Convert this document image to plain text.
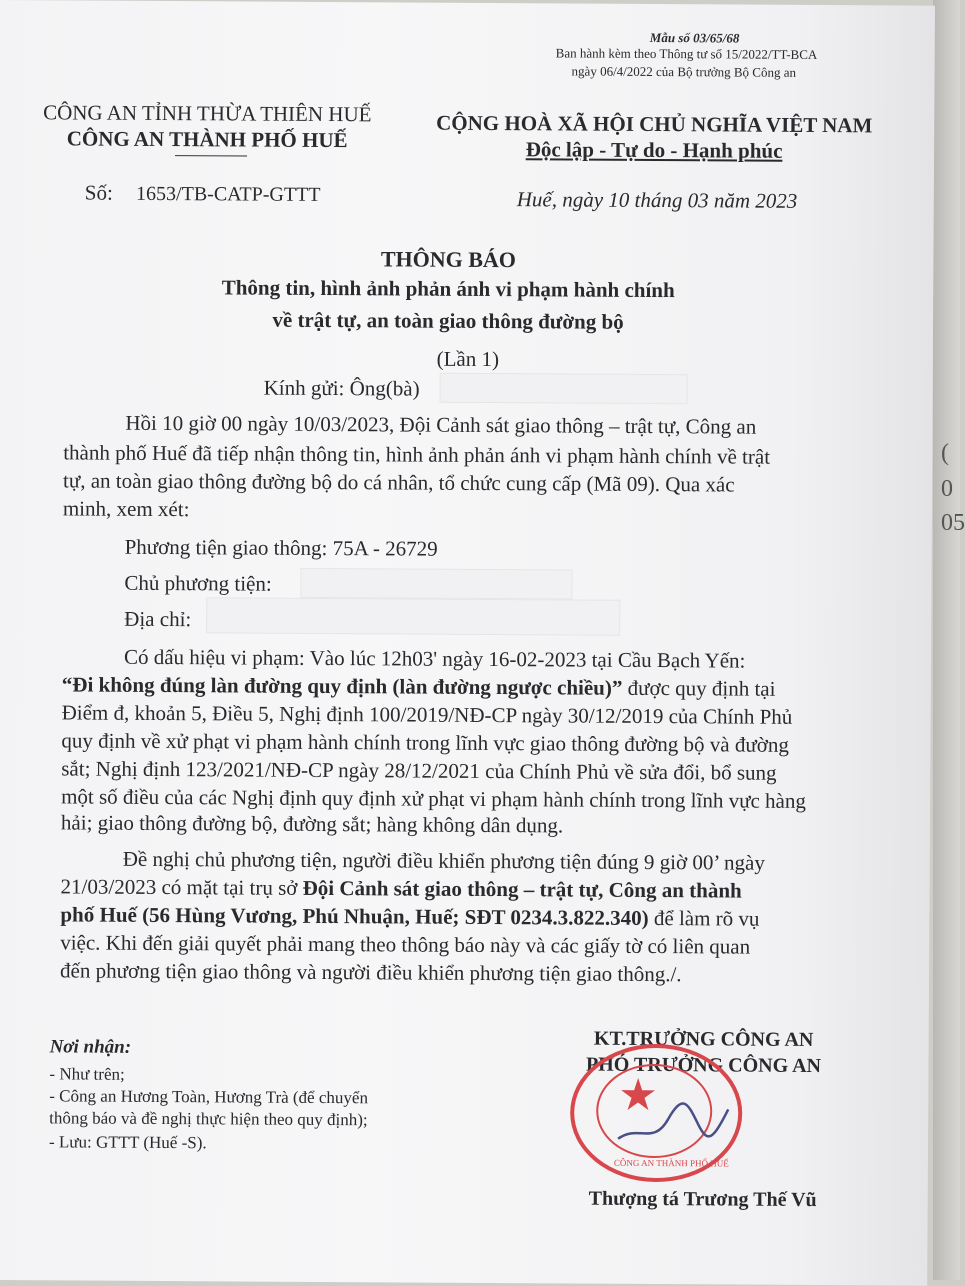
(
0
05
Mẫu số 03/65/68
Ban hành kèm theo Thông tư số 15/2022/TT-BCA
ngày 06/4/2022 của Bộ trưởng Bộ Công an
CÔNG AN TỈNH THỪA THIÊN HUẾ
CÔNG AN THÀNH PHỐ HUẾ
Số: 1653/TB-CATP-GTTT
CỘNG HOÀ XÃ HỘI CHỦ NGHĨA VIỆT NAM
Độc lập - Tự do - Hạnh phúc
Huế, ngày 10 tháng 03 năm 2023
THÔNG BÁO
Thông tin, hình ảnh phản ánh vi phạm hành chính
về trật tự, an toàn giao thông đường bộ
(Lần 1)
Kính gửi: Ông(bà)
Hồi 10 giờ 00 ngày 10/03/2023, Đội Cảnh sát giao thông – trật tự, Công an
thành phố Huế đã tiếp nhận thông tin, hình ảnh phản ánh vi phạm hành chính về trật
tự, an toàn giao thông đường bộ do cá nhân, tổ chức cung cấp (Mã 09). Qua xác
minh, xem xét:
Phương tiện giao thông: 75A - 26729
Chủ phương tiện:
Địa chỉ:
Có dấu hiệu vi phạm: Vào lúc 12h03' ngày 16-02-2023 tại Cầu Bạch Yến:
“Đi không đúng làn đường quy định (làn đường ngược chiều)” được quy định tại
Điểm đ, khoản 5, Điều 5, Nghị định 100/2019/NĐ-CP ngày 30/12/2019 của Chính Phủ
quy định về xử phạt vi phạm hành chính trong lĩnh vực giao thông đường bộ và đường
sắt; Nghị định 123/2021/NĐ-CP ngày 28/12/2021 của Chính Phủ về sửa đổi, bổ sung
một số điều của các Nghị định quy định xử phạt vi phạm hành chính trong lĩnh vực hàng
hải; giao thông đường bộ, đường sắt; hàng không dân dụng.
Đề nghị chủ phương tiện, người điều khiển phương tiện đúng 9 giờ 00’ ngày
21/03/2023 có mặt tại trụ sở Đội Cảnh sát giao thông – trật tự, Công an thành
phố Huế (56 Hùng Vương, Phú Nhuận, Huế; SĐT 0234.3.822.340) để làm rõ vụ
việc. Khi đến giải quyết phải mang theo thông báo này và các giấy tờ có liên quan
đến phương tiện giao thông và người điều khiển phương tiện giao thông./.
Nơi nhận:
- Như trên;
- Công an Hương Toàn, Hương Trà (để chuyển
thông báo và đề nghị thực hiện theo quy định);
- Lưu: GTTT (Huế -S).
KT.TRƯỞNG CÔNG AN
PHÓ TRƯỞNG CÔNG AN
★
CÔNG AN THÀNH PHỐ HUẾ
Thượng tá Trương Thế Vũ
